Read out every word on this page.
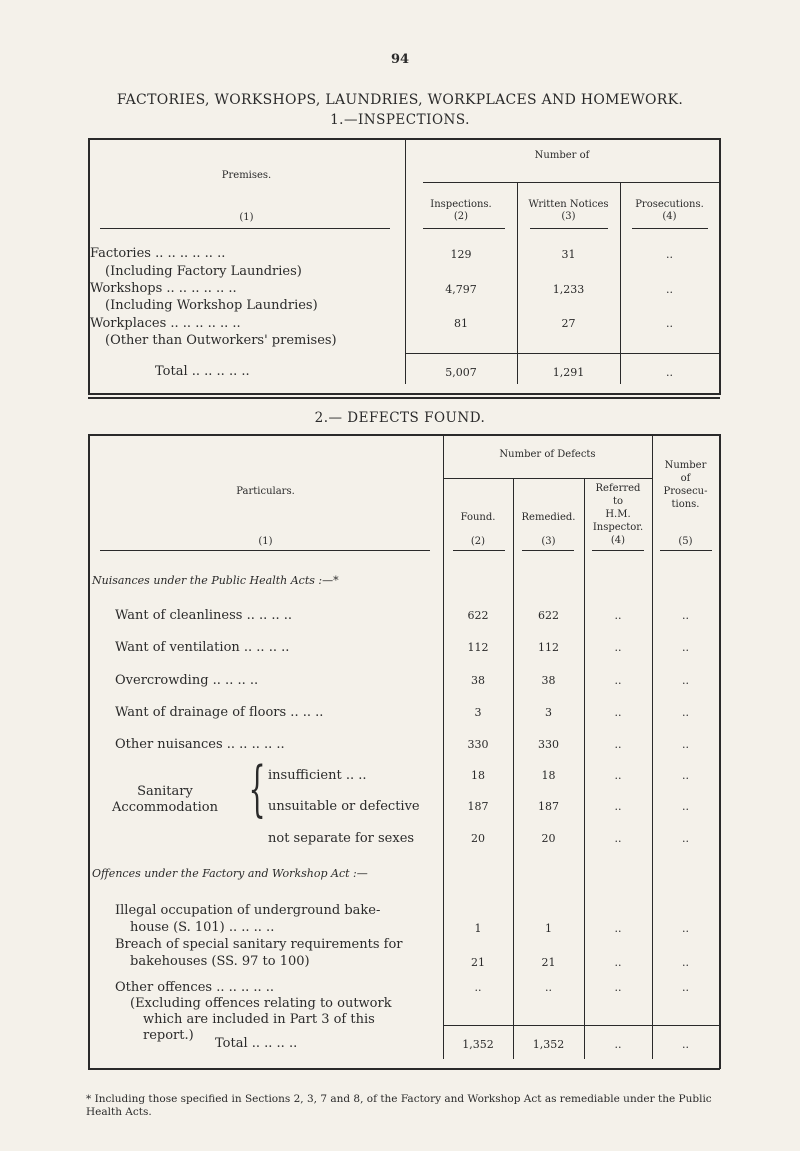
94
FACTORIES, WORKSHOPS, LAUNDRIES, WORKPLACES AND HOMEWORK.
1.—INSPECTIONS.
Premises.
Number of
(1)
Inspections.
(2)
Written Notices
(3)
Prosecutions.
(4)
Factories .. .. .. .. .. ..
(Including Factory Laundries)
129	31	..
Workshops .. .. .. .. .. ..
(Including Workshop Laundries)
4,797	1,233	..
Workplaces .. .. .. .. .. ..
(Other than Outworkers' premises)
81	27	..
Total .. .. .. .. ..	5,007	1,291	..
2.— DEFECTS FOUND.
Particulars.
(1)
Number of Defects
Found.
(2)
Remedied.
(3)
Referred
to
H.M.
Inspector.
(4)
Number
of
Prosecu-
tions.
(5)
Nuisances under the Public Health Acts :—*
Want of cleanliness .. .. .. ..	622	622	..	..
Want of ventilation .. .. .. ..	112	112	..	..
Overcrowding .. .. .. ..	38	38	..	..
Want of drainage of floors .. .. ..	3	3	..	..
Other nuisances .. .. .. .. ..	330	330	..	..
Sanitary
Accommodation { insufficient .. ..	18	18	..	..
unsuitable or defective	187	187	..	..
not separate for sexes	20	20	..	..
Offences under the Factory and Workshop Act :—
Illegal occupation of underground bake-
house (S. 101) .. .. .. ..	1	1	..	..
Breach of special sanitary requirements for
bakehouses (SS. 97 to 100)	21	21	..	..
Other offences .. .. .. .. ..
(Excluding offences relating to outwork
which are included in Part 3 of this
report.)
..	..	..	..
Total .. .. .. ..	1,352	1,352	..	..
* Including those specified in Sections 2, 3, 7 and 8, of the Factory and Workshop Act as remediable under the Public Health Acts.
